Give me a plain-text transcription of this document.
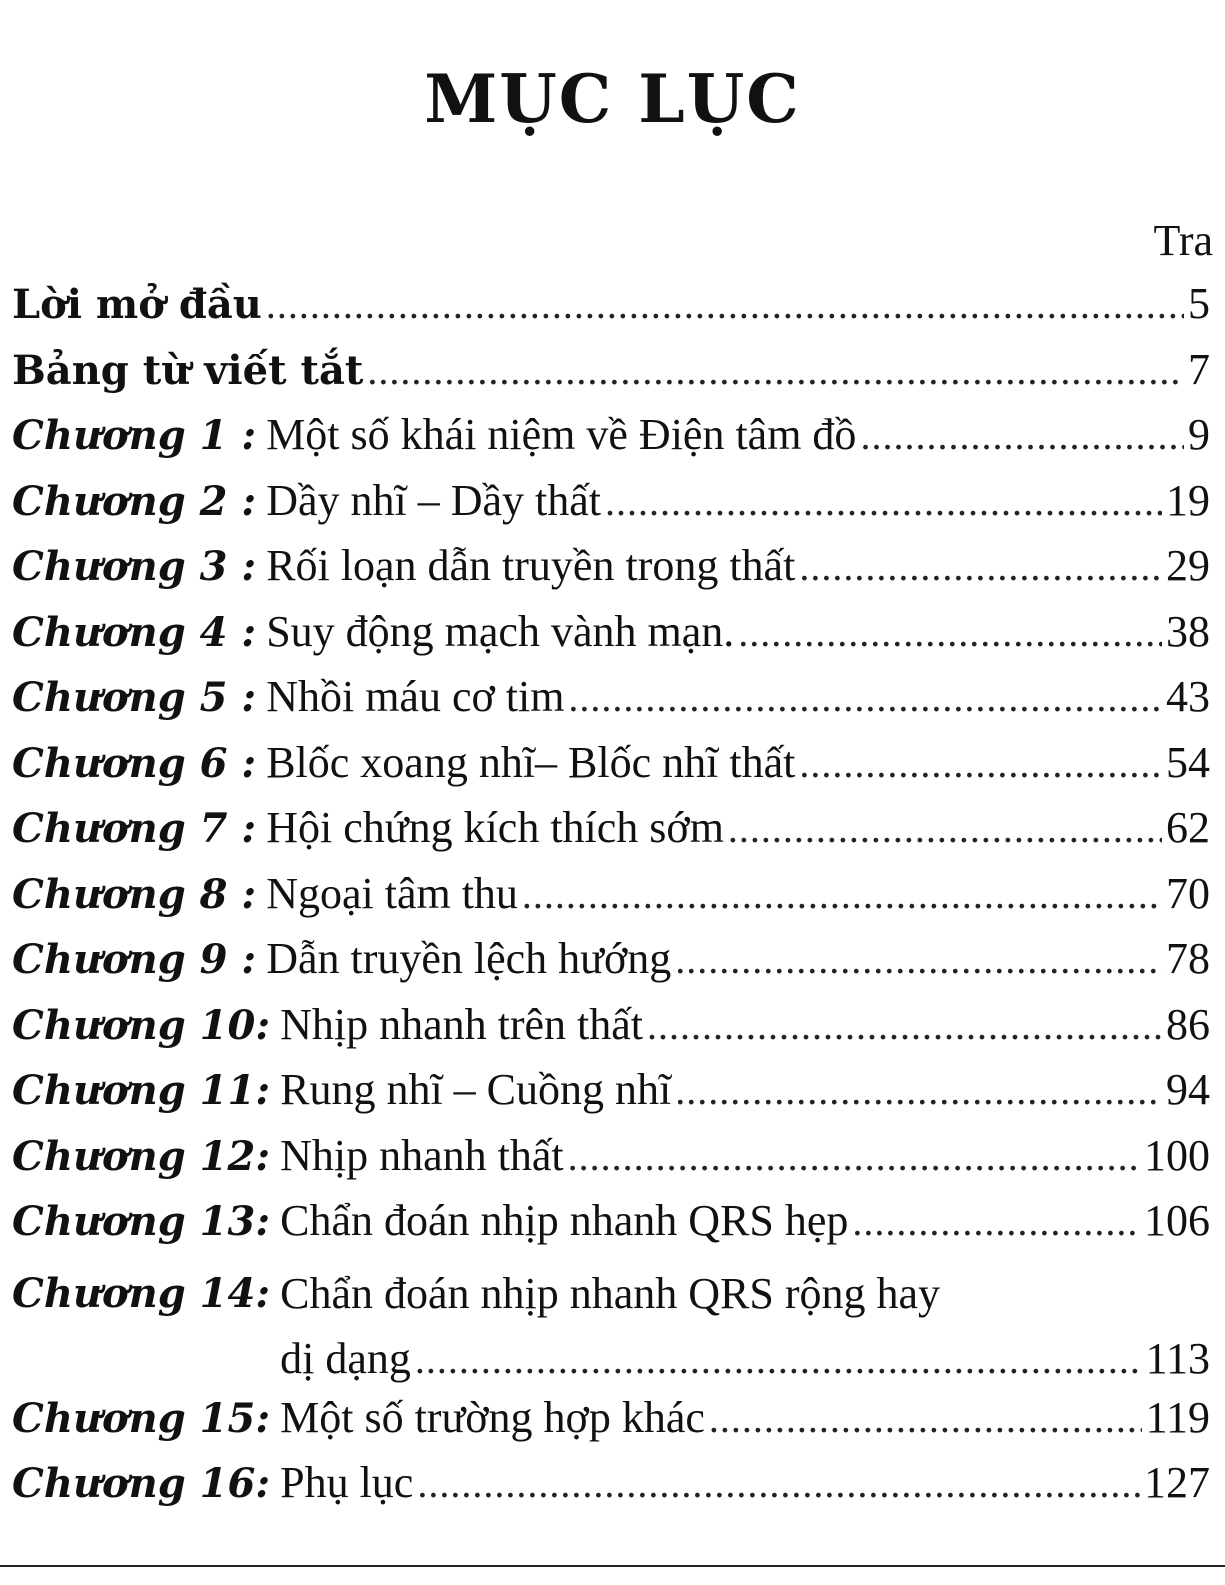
MỤC LỤC
Tra
Lời mở đầu .....	5
Bảng từ viết tắt .....	7
Chương 1 : Một số khái niệm về Điện tâm đồ .....	9
Chương 2 : Dầy nhĩ – Dầy thất .....	19
Chương 3 : Rối loạn dẫn truyền trong thất .....	29
Chương 4 : Suy động mạch vành mạn. .....	38
Chương 5 : Nhồi máu cơ tim .....	43
Chương 6 : Blốc xoang nhĩ– Blốc nhĩ thất .....	54
Chương 7 : Hội chứng kích thích sớm .....	62
Chương 8 : Ngoại tâm thu .....	70
Chương 9 : Dẫn truyền lệch hướng .....	78
Chương 10: Nhịp nhanh trên thất .....	86
Chương 11: Rung nhĩ – Cuồng nhĩ .....	94
Chương 12: Nhịp nhanh thất .....	100
Chương 13: Chẩn đoán nhịp nhanh QRS hẹp .....	106
Chương 14: Chẩn đoán nhịp nhanh QRS rộng hay
dị dạng .....	113
Chương 15: Một số trường hợp khác .....	119
Chương 16: Phụ lục .....	127
